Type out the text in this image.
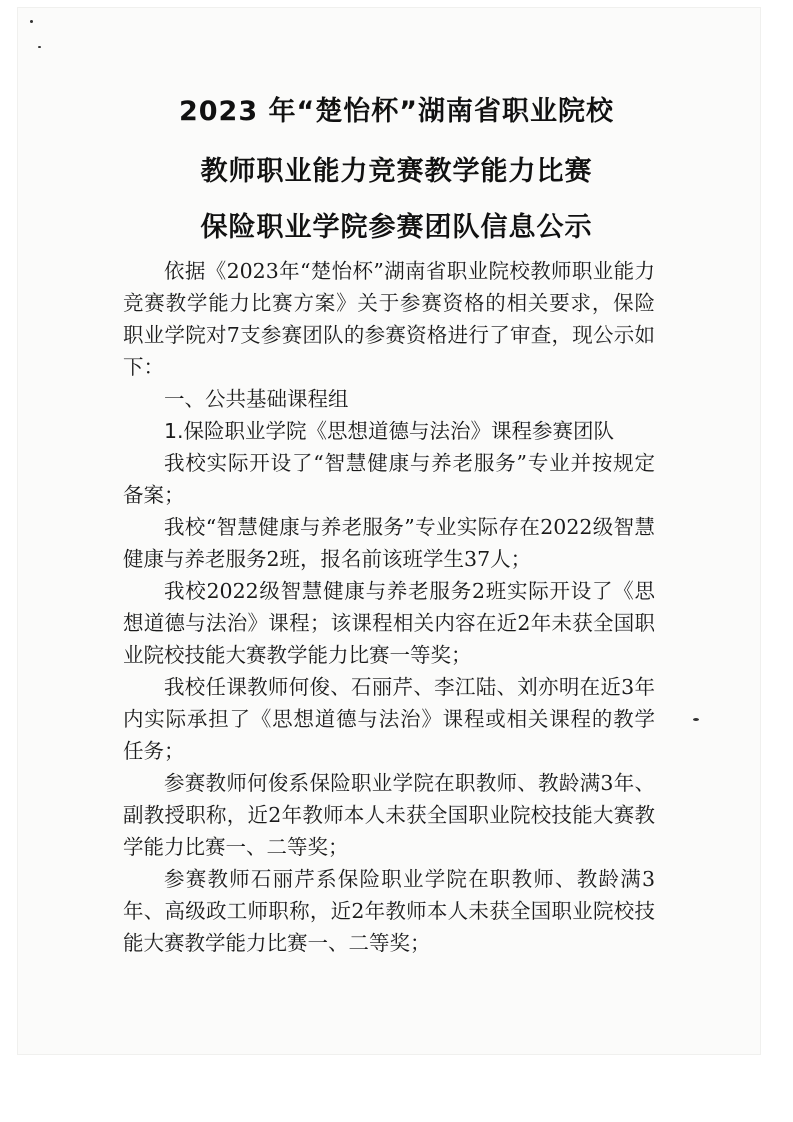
2023 年“楚怡杯”湖南省职业院校
教师职业能力竞赛教学能力比赛
保险职业学院参赛团队信息公示

依据《2023年“楚怡杯”湖南省职业院校教师职业能力竞赛教学能力比赛方案》关于参赛资格的相关要求，保险职业学院对7支参赛团队的参赛资格进行了审查，现公示如下：

一、公共基础课程组

1.保险职业学院《思想道德与法治》课程参赛团队

我校实际开设了“智慧健康与养老服务”专业并按规定备案；

我校“智慧健康与养老服务”专业实际存在2022级智慧健康与养老服务2班，报名前该班学生37人；

我校2022级智慧健康与养老服务2班实际开设了《思想道德与法治》课程；该课程相关内容在近2年未获全国职业院校技能大赛教学能力比赛一等奖；

我校任课教师何俊、石丽芹、李江陆、刘亦明在近3年内实际承担了《思想道德与法治》课程或相关课程的教学任务；

参赛教师何俊系保险职业学院在职教师、教龄满3年、副教授职称，近2年教师本人未获全国职业院校技能大赛教学能力比赛一、二等奖；

参赛教师石丽芹系保险职业学院在职教师、教龄满3年、高级政工师职称，近2年教师本人未获全国职业院校技能大赛教学能力比赛一、二等奖；
